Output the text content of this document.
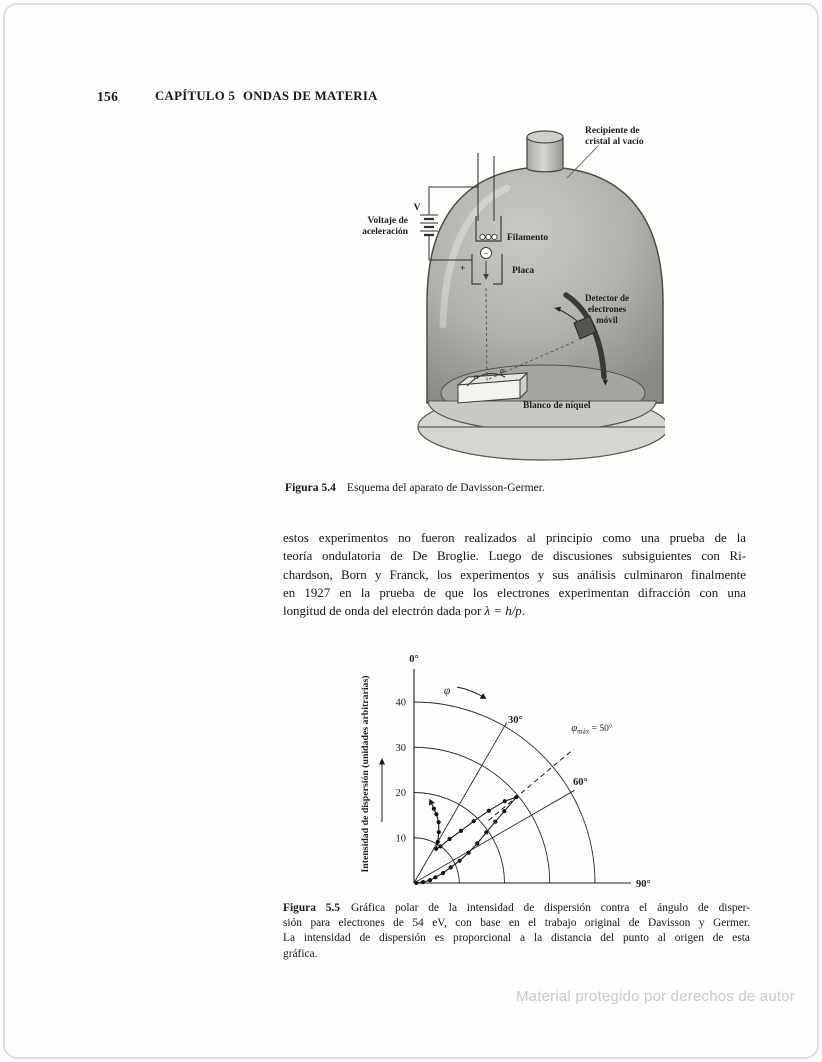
156	CAPÍTULO 5 ONDAS DE MATERIA
−
Recipiente de
cristal al vacío
Voltaje de
aceleración
V
Filamento
Placa
+
Detector de
electrones
móvil
Blanco de níquel
α
φ
Figura 5.4 Esquema del aparato de Davisson-Germer.
estos experimentos no fueron realizados al principio como una prueba de la
teoría ondulatoria de De Broglie. Luego de discusiones subsiguientes con Ri-
chardson, Born y Franck, los experimentos y sus análisis culminaron finalmente
en 1927 en la prueba de que los electrones experimentan difracción con una
longitud de onda del electrón dada por λ = h/p.
10
20
30
40
0°
30°
60°
90°
$\varphi_{máx} = 50^\circ$
φ
Intensidad de dispersión (unidades arbitrarias)
Figura 5.5 Gráfica polar de la intensidad de dispersión contra el ángulo de disper-
sión para electrones de 54 eV, con base en el trabajo original de Davisson y Germer.
La intensidad de dispersión es proporcional a la distancia del punto al origen de esta
gráfica.
Material protegido por derechos de autor
